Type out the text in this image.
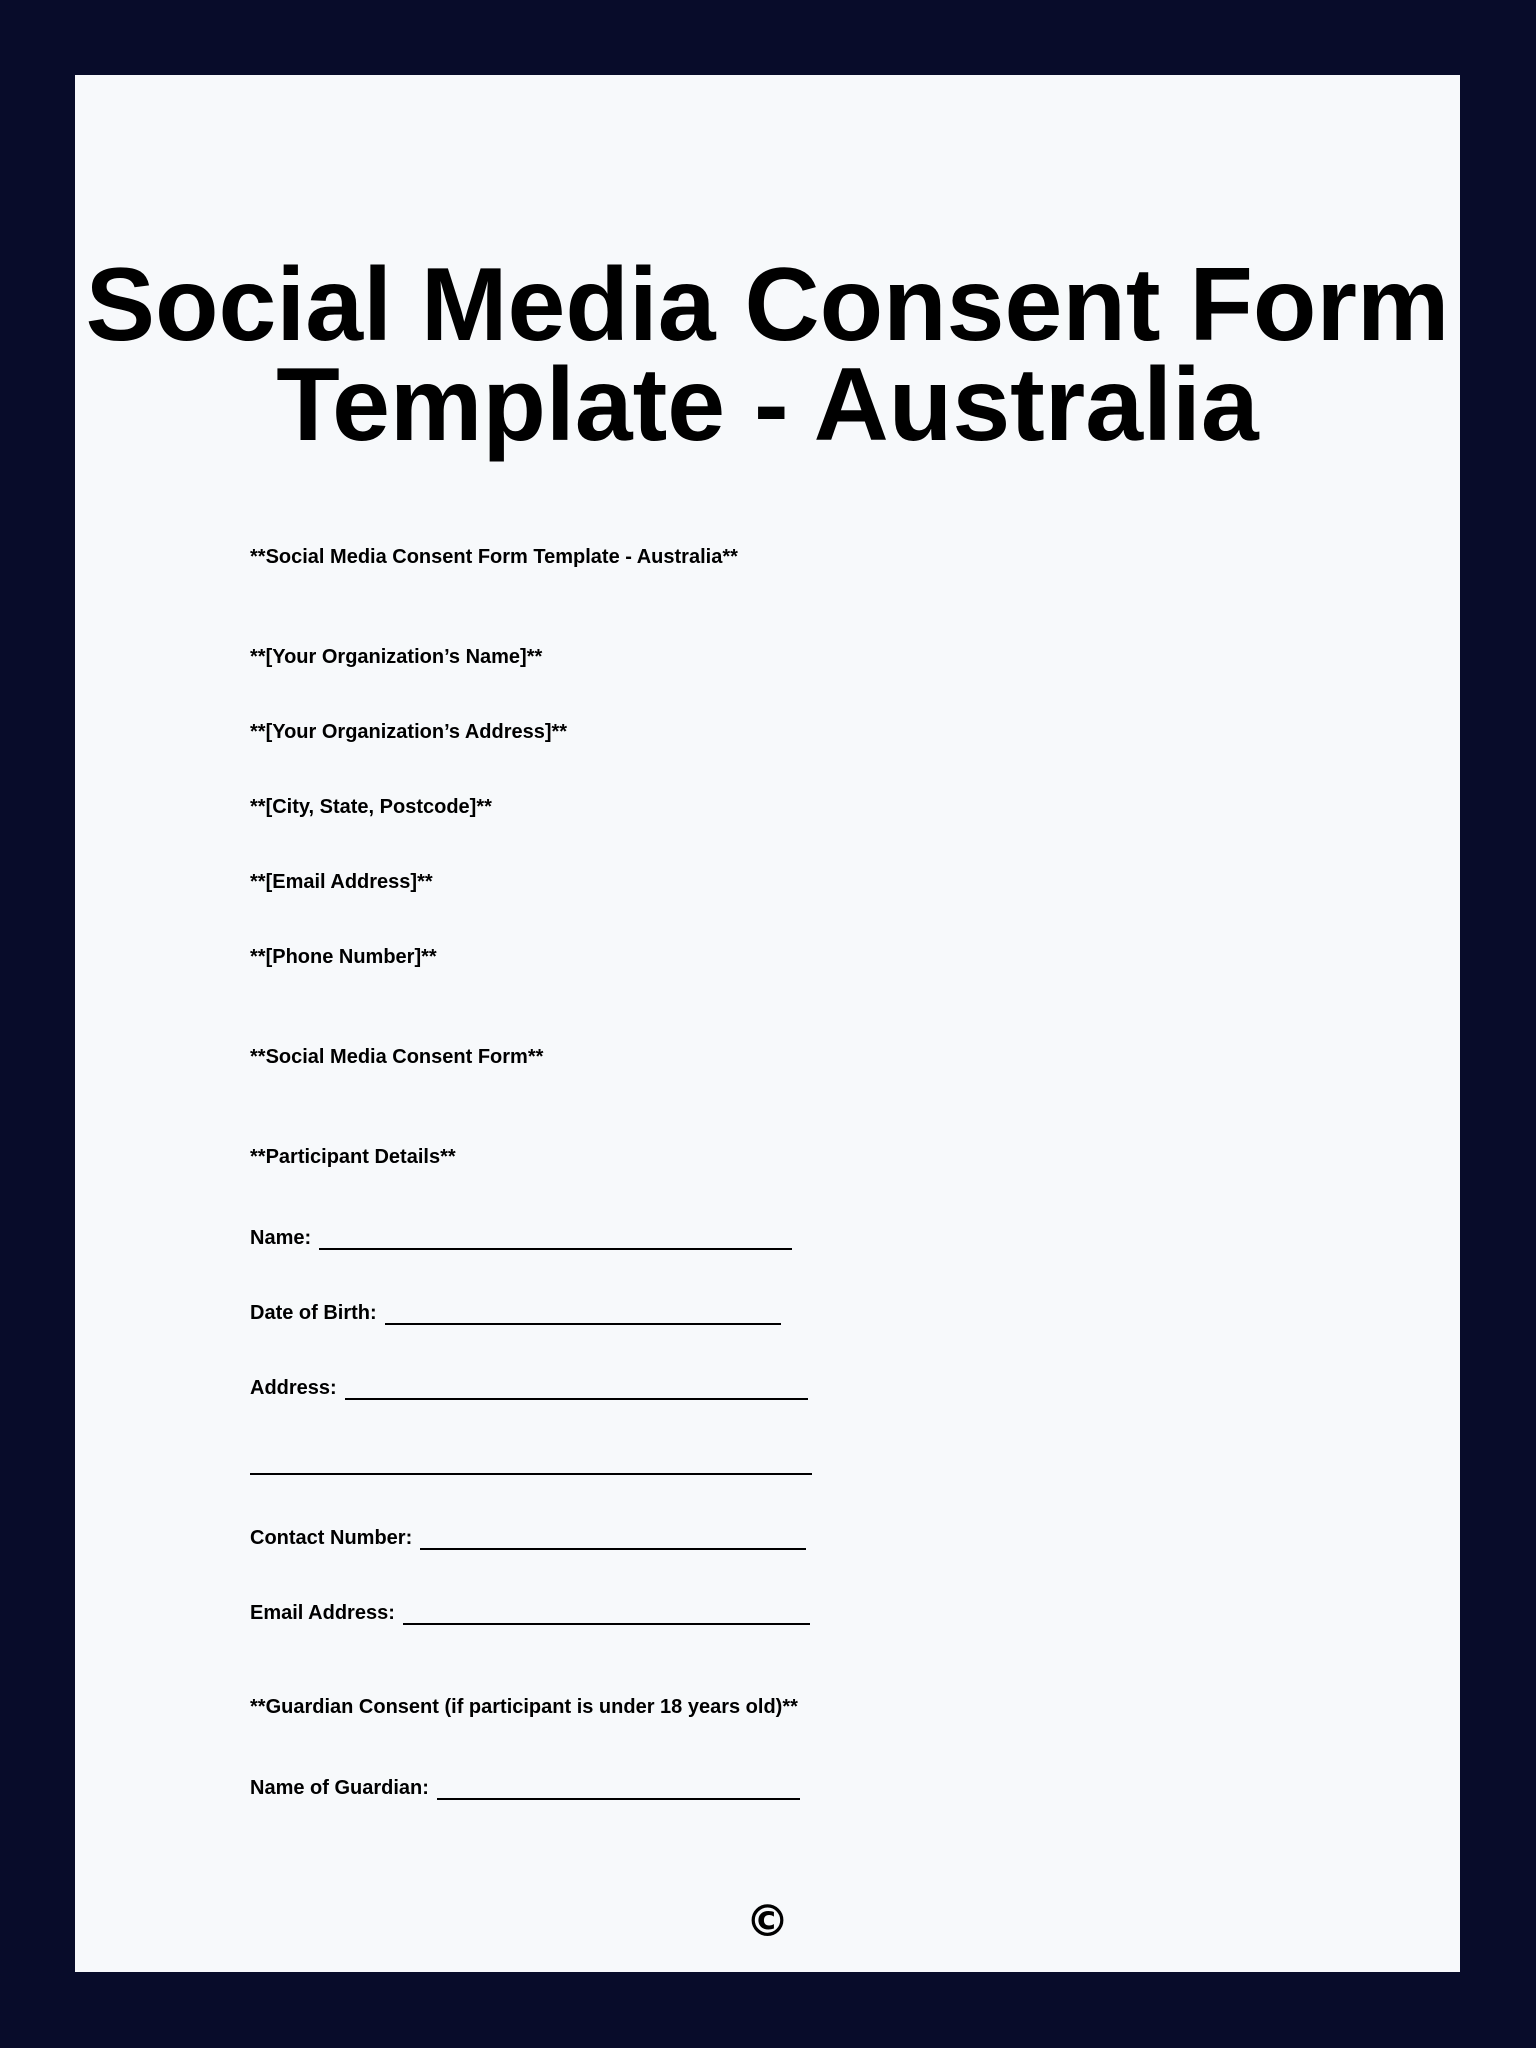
Social Media Consent Form Template - Australia
**Social Media Consent Form Template - Australia**
**[Your Organization’s Name]**
**[Your Organization’s Address]**
**[City, State, Postcode]**
**[Email Address]**
**[Phone Number]**
**Social Media Consent Form**
**Participant Details**
Name:
Date of Birth:
Address:
Contact Number:
Email Address:
**Guardian Consent (if participant is under 18 years old)**
Name of Guardian:
©
